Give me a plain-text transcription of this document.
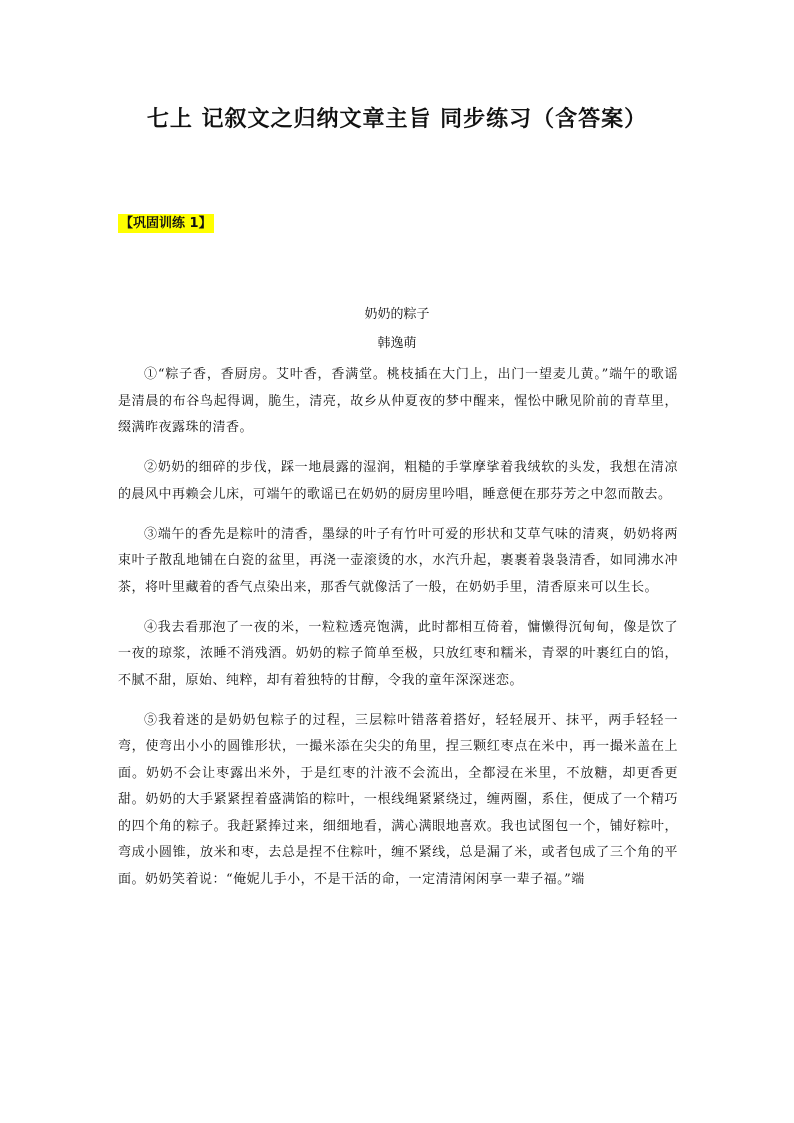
七上 记叙文之归纳文章主旨 同步练习（含答案）
【巩固训练 1】

奶奶的粽子

韩逸萌

①“粽子香，香厨房。艾叶香，香满堂。桃枝插在大门上，出门一望麦儿黄。”端午的歌谣是清晨的布谷鸟起得调，脆生，清亮，故乡从仲夏夜的梦中醒来，惺忪中瞅见阶前的青草里，缀满昨夜露珠的清香。

②奶奶的细碎的步伐，踩一地晨露的湿润，粗糙的手掌摩挲着我绒软的头发，我想在清凉的晨风中再赖会儿床，可端午的歌谣已在奶奶的厨房里吟唱，睡意便在那芬芳之中忽而散去。

③端午的香先是粽叶的清香，墨绿的叶子有竹叶可爱的形状和艾草气味的清爽，奶奶将两束叶子散乱地铺在白瓷的盆里，再浇一壶滚烫的水，水汽升起，裹裹着袅袅清香，如同沸水冲茶，将叶里藏着的香气点染出来，那香气就像活了一般，在奶奶手里，清香原来可以生长。

④我去看那泡了一夜的米，一粒粒透亮饱满，此时都相互倚着，慵懒得沉甸甸，像是饮了一夜的琼浆，浓睡不消残酒。奶奶的粽子简单至极，只放红枣和糯米，青翠的叶裹红白的馅，不腻不甜，原始、纯粹，却有着独特的甘醇，令我的童年深深迷恋。

⑤我着迷的是奶奶包粽子的过程，三层粽叶错落着搭好，轻轻展开、抹平，两手轻轻一弯，使弯出小小的圆锥形状，一撮米添在尖尖的角里，捏三颗红枣点在米中，再一撮米盖在上面。奶奶不会让枣露出米外，于是红枣的汁液不会流出，全都浸在米里，不放糖，却更香更甜。奶奶的大手紧紧捏着盛满馅的粽叶，一根线绳紧紧绕过，缠两圈，系住，便成了一个精巧的四个角的粽子。我赶紧捧过来，细细地看，满心满眼地喜欢。我也试图包一个，铺好粽叶，弯成小圆锥，放米和枣，去总是捏不住粽叶，缠不紧线，总是漏了米，或者包成了三个角的平面。奶奶笑着说：“俺妮儿手小，不是干活的命，一定清清闲闲享一辈子福。”端
